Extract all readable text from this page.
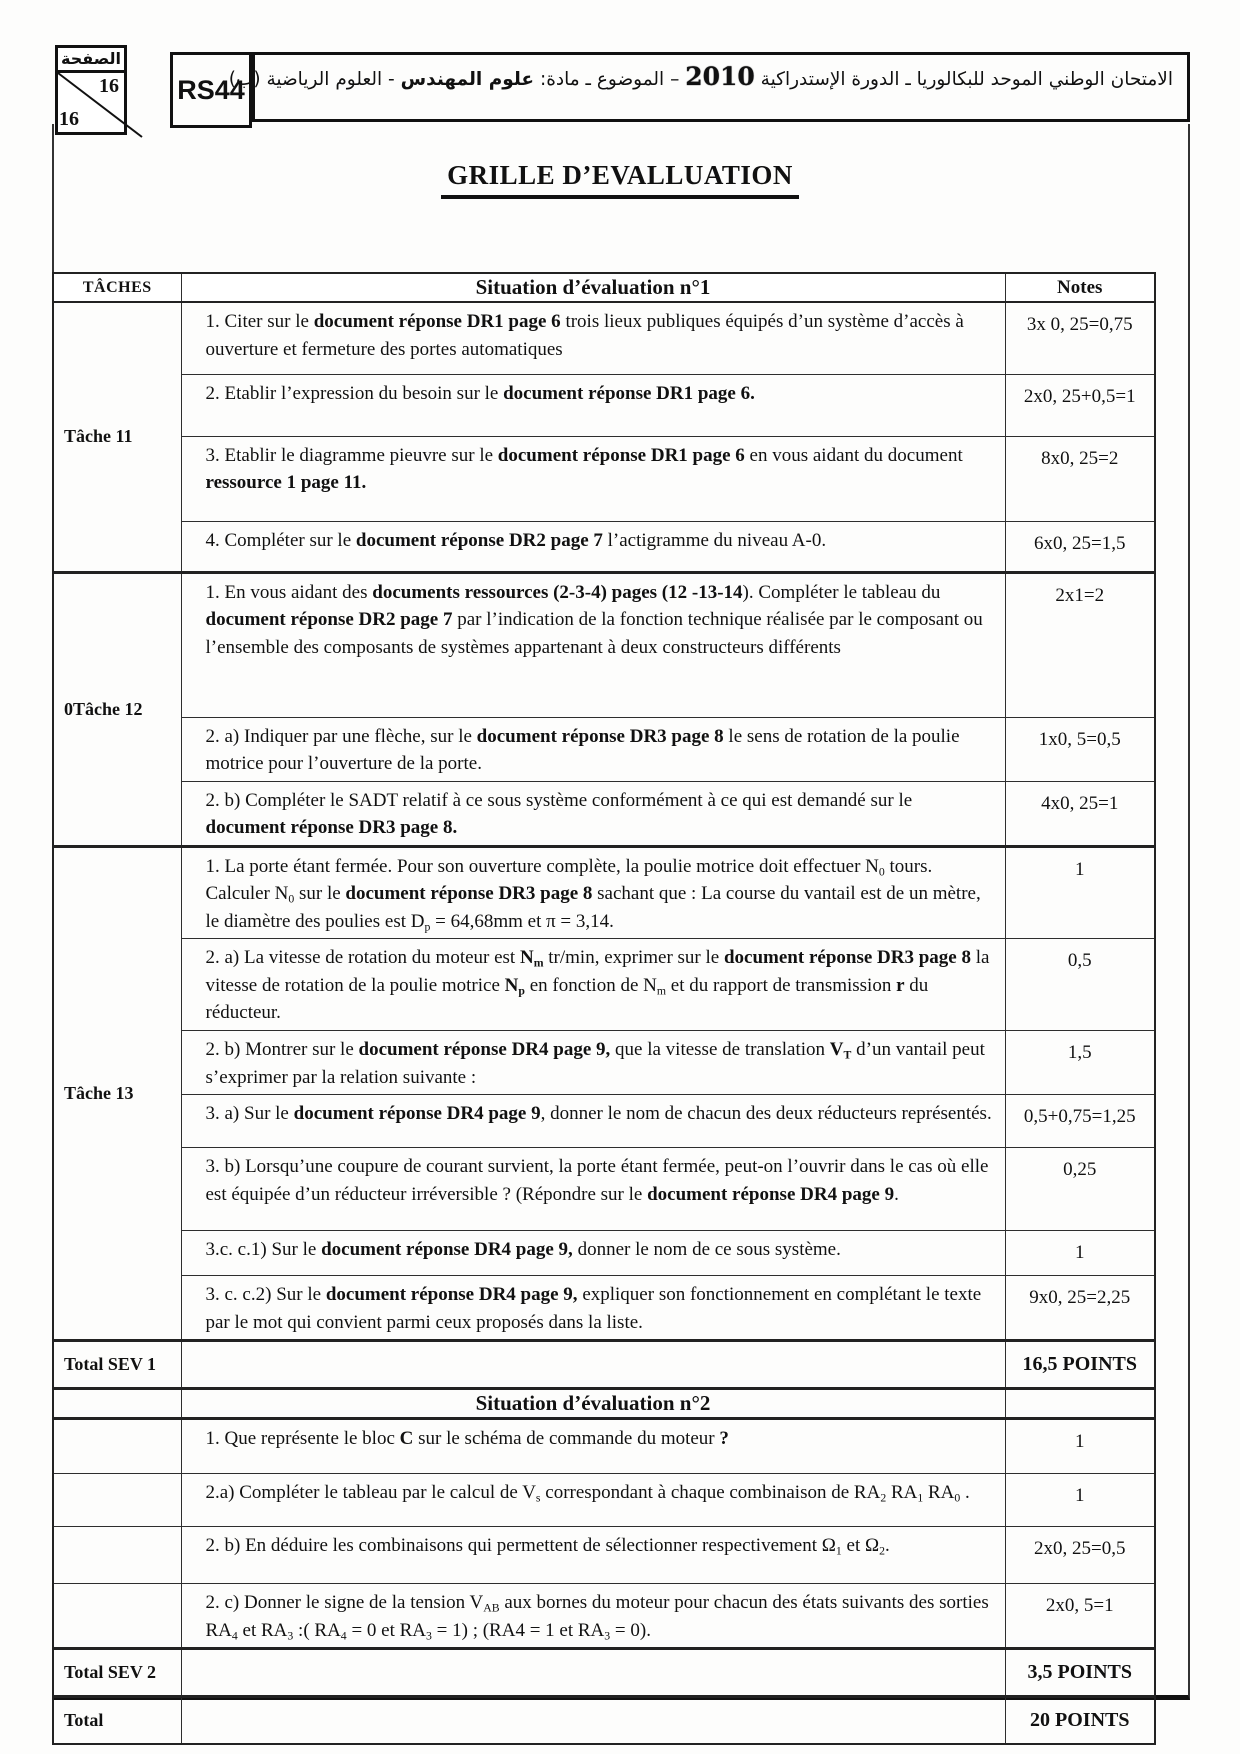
الصفحة
16
16
RS44	الامتحان الوطني الموحد للبكالوريا ـ الدورة الإستدراكية 2010 – الموضوع ـ مادة: علوم المهندس - العلوم الرياضية (ب)
GRILLE D’EVALLUATION
TÂCHES	Situation d’évaluation n°1	Notes
Tâche 11	1. Citer sur le document réponse DR1 page 6 trois lieux publiques équipés d’un système d’accès à ouverture et fermeture des portes automatiques	3x 0, 25=0,75
	2. Etablir l’expression du besoin sur le document réponse DR1 page 6.	2x0, 25+0,5=1
	3. Etablir le diagramme pieuvre sur le document réponse DR1 page 6 en vous aidant du document ressource 1 page 11.	8x0, 25=2
	4. Compléter sur le document réponse DR2 page 7 l’actigramme du niveau A-0.	6x0, 25=1,5
0Tâche 12	1. En vous aidant des documents ressources (2-3-4) pages (12 -13-14). Compléter le tableau du document réponse DR2 page 7 par l’indication de la fonction technique réalisée par le composant ou l’ensemble des composants de systèmes appartenant à deux constructeurs différents	2x1=2
	2. a) Indiquer par une flèche, sur le document réponse DR3 page 8 le sens de rotation de la poulie motrice pour l’ouverture de la porte.	1x0, 5=0,5
	2. b) Compléter le SADT relatif à ce sous système conformément à ce qui est demandé sur le document réponse DR3 page 8.	4x0, 25=1
Tâche 13	1. La porte étant fermée. Pour son ouverture complète, la poulie motrice doit effectuer N0 tours. Calculer N0 sur le document réponse DR3 page 8 sachant que : La course du vantail est de un mètre, le diamètre des poulies est Dp = 64,68mm et π = 3,14.	1
	2. a) La vitesse de rotation du moteur est Nm tr/min, exprimer sur le document réponse DR3 page 8 la vitesse de rotation de la poulie motrice Np en fonction de Nm et du rapport de transmission r du réducteur.	0,5
	2. b) Montrer sur le document réponse DR4 page 9, que la vitesse de translation VT d’un vantail peut s’exprimer par la relation suivante :	1,5
	3. a) Sur le document réponse DR4 page 9, donner le nom de chacun des deux réducteurs représentés.	0,5+0,75=1,25
	3. b) Lorsqu’une coupure de courant survient, la porte étant fermée, peut-on l’ouvrir dans le cas où elle est équipée d’un réducteur irréversible ? (Répondre sur le document réponse DR4 page 9.	0,25
	3.c. c.1) Sur le document réponse DR4 page 9, donner le nom de ce sous système.	1
	3. c. c.2) Sur le document réponse DR4 page 9, expliquer son fonctionnement en complétant le texte par le mot qui convient parmi ceux proposés dans la liste.	9x0, 25=2,25
Total SEV 1		16,5 POINTS
	Situation d’évaluation n°2	
	1. Que représente le bloc C sur le schéma de commande du moteur ?	1
	2.a) Compléter le tableau par le calcul de Vs correspondant à chaque combinaison de RA2 RA1 RA0 .	1
	2. b) En déduire les combinaisons qui permettent de sélectionner respectivement Ω1 et Ω2.	2x0, 25=0,5
	2. c) Donner le signe de la tension VAB aux bornes du moteur pour chacun des états suivants des sorties RA4 et RA3 :( RA4 = 0 et RA3 = 1) ; (RA4 = 1 et RA3 = 0).	2x0, 5=1
Total SEV 2		3,5 POINTS
Total		20 POINTS
